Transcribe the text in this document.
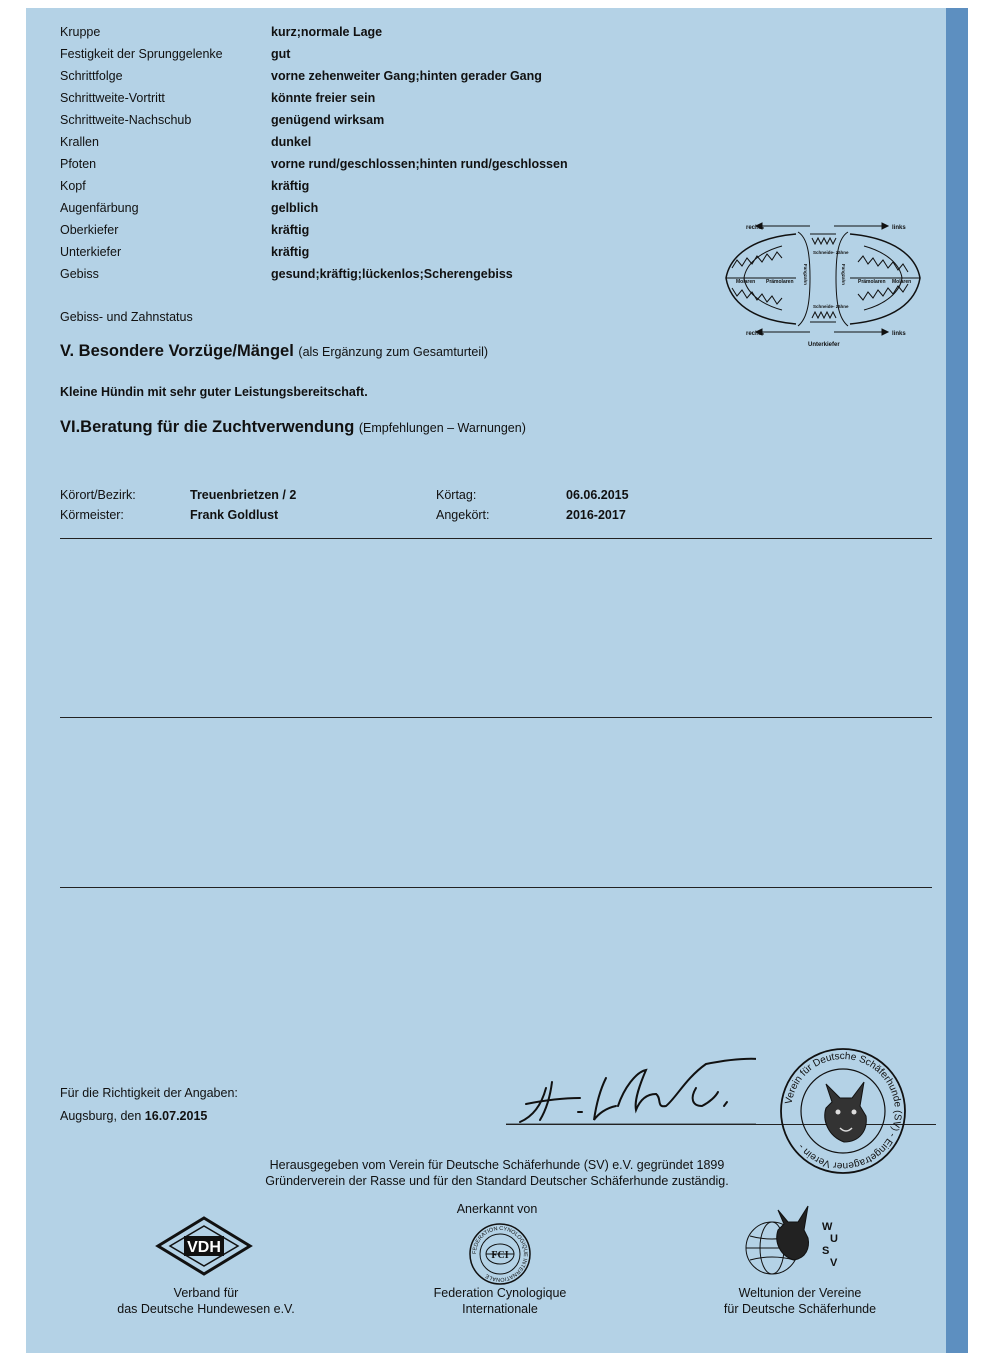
Kruppe	kurz;normale Lage
Festigkeit der Sprunggelenke	gut
Schrittfolge	vorne zehenweiter Gang;hinten gerader Gang
Schrittweite-Vortritt	könnte freier sein
Schrittweite-Nachschub	genügend wirksam
Krallen	dunkel
Pfoten	vorne rund/geschlossen;hinten rund/geschlossen
Kopf	kräftig
Augenfärbung	gelblich
Oberkiefer	kräftig
Unterkiefer	kräftig
Gebiss	gesund;kräftig;lückenlos;Scherengebiss
Gebiss- und Zahnstatus
rechts	links
rechts	links
Molaren Prämolaren	Prämolaren Molaren
Schneide- zähne
Schneide- zähne
Fangzahn	Fangzahn
Unterkiefer
V. Besondere Vorzüge/Mängel (als Ergänzung zum Gesamturteil)
Kleine Hündin mit sehr guter Leistungsbereitschaft.
VI.Beratung für die Zuchtverwendung (Empfehlungen – Warnungen)
Körort/Bezirk:	Treuenbrietzen / 2	Körtag:	06.06.2015
Körmeister:	Frank Goldlust	Angekört:	2016-2017
Für die Richtigkeit der Angaben:
Augsburg, den 16.07.2015
Verein für Deutsche Schäferhunde (SV) - Eingetragener Verein -
Herausgegeben vom Verein für Deutsche Schäferhunde (SV) e.V. gegründet 1899
Gründerverein der Rasse und für den Standard Deutscher Schäferhunde zuständig.
Anerkannt von
VDH
Verband für
das Deutsche Hundewesen e.V.
FEDERATION CYNOLOGIQUE INTERNATIONALE
FCI
Federation Cynologique
Internationale
W U SV
Weltunion der Vereine
für Deutsche Schäferhunde
